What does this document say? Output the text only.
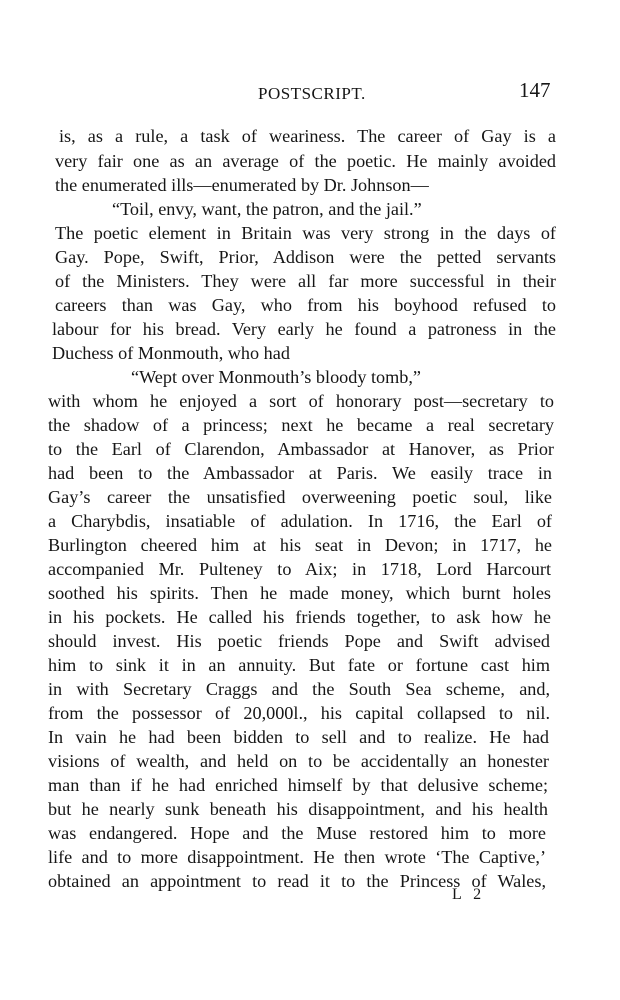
POSTSCRIPT.	147
is, as a rule, a task of weariness. The career of Gay is a
very fair one as an average of the poetic. He mainly avoided
the enumerated ills—enumerated by Dr. Johnson—
“Toil, envy, want, the patron, and the jail.”
The poetic element in Britain was very strong in the days of
Gay. Pope, Swift, Prior, Addison were the petted servants
of the Ministers. They were all far more successful in their
careers than was Gay, who from his boyhood refused to
labour for his bread. Very early he found a patroness in the
Duchess of Monmouth, who had
“Wept over Monmouth’s bloody tomb,”
with whom he enjoyed a sort of honorary post—secretary to
the shadow of a princess; next he became a real secretary
to the Earl of Clarendon, Ambassador at Hanover, as Prior
had been to the Ambassador at Paris. We easily trace in
Gay’s career the unsatisfied overweening poetic soul, like
a Charybdis, insatiable of adulation. In 1716, the Earl of
Burlington cheered him at his seat in Devon; in 1717, he
accompanied Mr. Pulteney to Aix; in 1718, Lord Harcourt
soothed his spirits. Then he made money, which burnt holes
in his pockets. He called his friends together, to ask how he
should invest. His poetic friends Pope and Swift advised
him to sink it in an annuity. But fate or fortune cast him
in with Secretary Craggs and the South Sea scheme, and,
from the possessor of 20,000l., his capital collapsed to nil.
In vain he had been bidden to sell and to realize. He had
visions of wealth, and held on to be accidentally an honester
man than if he had enriched himself by that delusive scheme;
but he nearly sunk beneath his disappointment, and his health
was endangered. Hope and the Muse restored him to more
life and to more disappointment. He then wrote ‘The Captive,’
obtained an appointment to read it to the Princess of Wales,
L 2
